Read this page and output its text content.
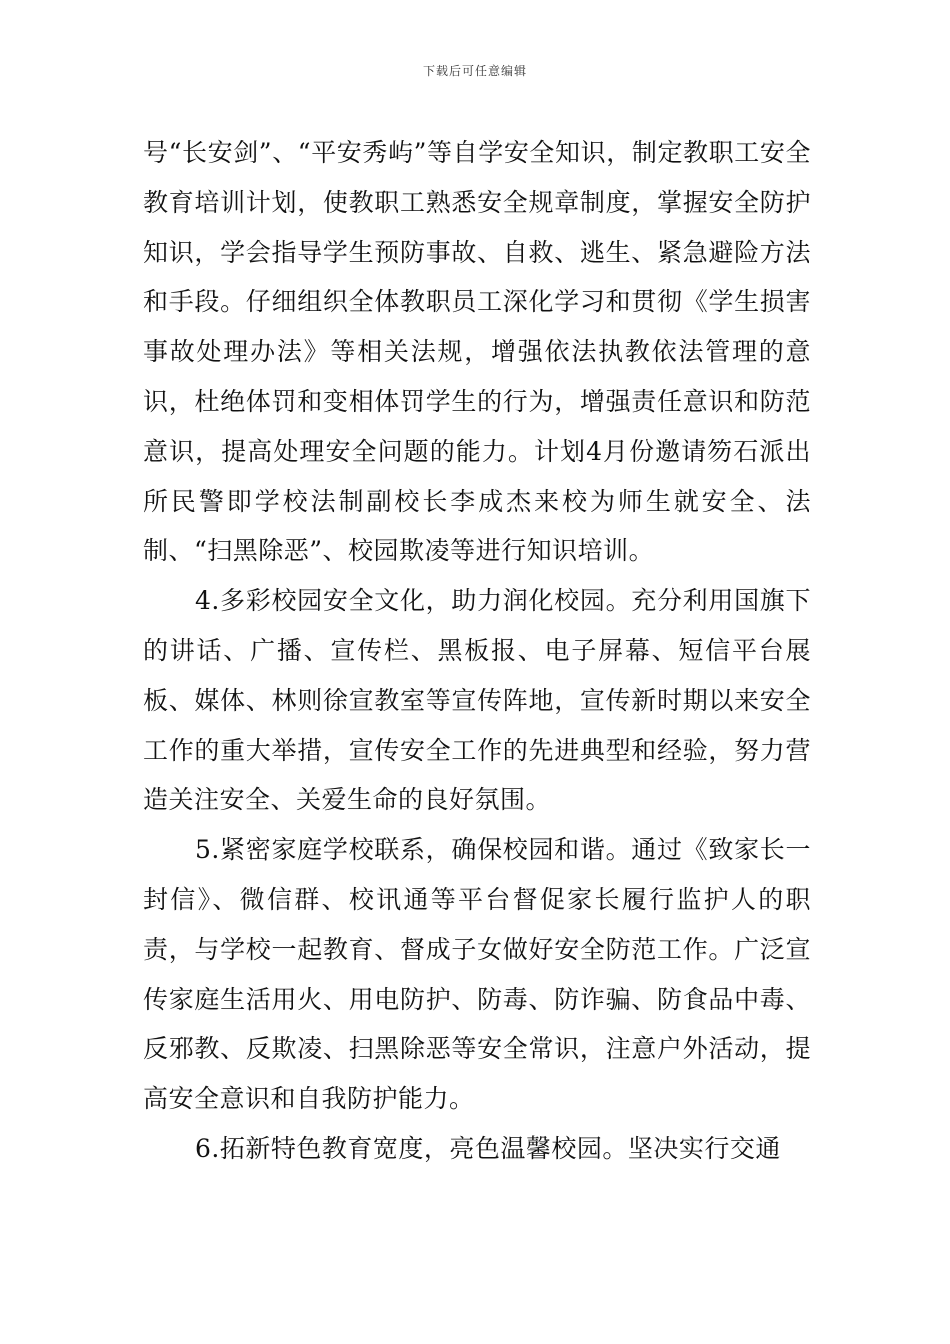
下载后可任意编辑

号“长安剑”、“平安秀屿”等自学安全知识，制定教职工安全教育培训计划，使教职工熟悉安全规章制度，掌握安全防护知识，学会指导学生预防事故、自救、逃生、紧急避险方法和手段。仔细组织全体教职员工深化学习和贯彻《学生损害事故处理办法》等相关法规，增强依法执教依法管理的意识，杜绝体罚和变相体罚学生的行为，增强责任意识和防范意识，提高处理安全问题的能力。计划4月份邀请笏石派出所民警即学校法制副校长李成杰来校为师生就安全、法制、“扫黑除恶”、校园欺凌等进行知识培训。

4.多彩校园安全文化，助力润化校园。充分利用国旗下的讲话、广播、宣传栏、黑板报、电子屏幕、短信平台展板、媒体、林则徐宣教室等宣传阵地，宣传新时期以来安全工作的重大举措，宣传安全工作的先进典型和经验，努力营造关注安全、关爱生命的良好氛围。

5.紧密家庭学校联系，确保校园和谐。通过《致家长一封信》、微信群、校讯通等平台督促家长履行监护人的职责，与学校一起教育、督成子女做好安全防范工作。广泛宣传家庭生活用火、用电防护、防毒、防诈骗、防食品中毒、反邪教、反欺凌、扫黑除恶等安全常识，注意户外活动，提高安全意识和自我防护能力。

6.拓新特色教育宽度，亮色温馨校园。坚决实行交通
